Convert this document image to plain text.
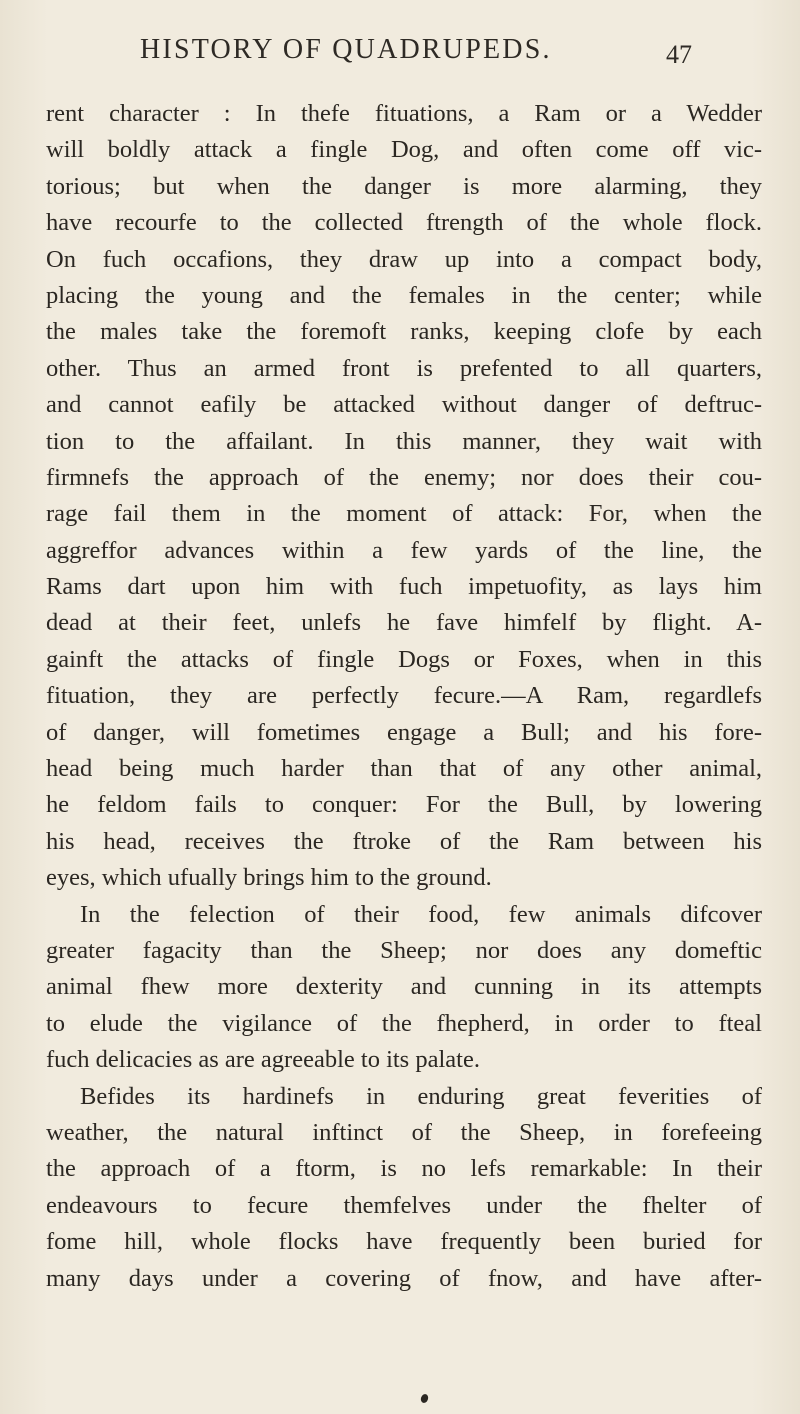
HISTORY OF QUADRUPEDS.	47
rent character : In thefe fituations, a Ram or a Wedder
will boldly attack a fingle Dog, and often come off vic-
torious; but when the danger is more alarming, they
have recourfe to the collected ftrength of the whole flock.
On fuch occafions, they draw up into a compact body,
placing the young and the females in the center; while
the males take the foremoft ranks, keeping clofe by each
other. Thus an armed front is prefented to all quarters,
and cannot eafily be attacked without danger of deftruc-
tion to the affailant. In this manner, they wait with
firmnefs the approach of the enemy; nor does their cou-
rage fail them in the moment of attack: For, when the
aggreffor advances within a few yards of the line, the
Rams dart upon him with fuch impetuofity, as lays him
dead at their feet, unlefs he fave himfelf by flight. A-
gainft the attacks of fingle Dogs or Foxes, when in this
fituation, they are perfectly fecure.—A Ram, regardlefs
of danger, will fometimes engage a Bull; and his fore-
head being much harder than that of any other animal,
he feldom fails to conquer: For the Bull, by lowering
his head, receives the ftroke of the Ram between his
eyes, which ufually brings him to the ground.
In the felection of their food, few animals difcover
greater fagacity than the Sheep; nor does any domeftic
animal fhew more dexterity and cunning in its attempts
to elude the vigilance of the fhepherd, in order to fteal
fuch delicacies as are agreeable to its palate.
Befides its hardinefs in enduring great feverities of
weather, the natural inftinct of the Sheep, in forefeeing
the approach of a ftorm, is no lefs remarkable: In their
endeavours to fecure themfelves under the fhelter of
fome hill, whole flocks have frequently been buried for
many days under a covering of fnow, and have after-
